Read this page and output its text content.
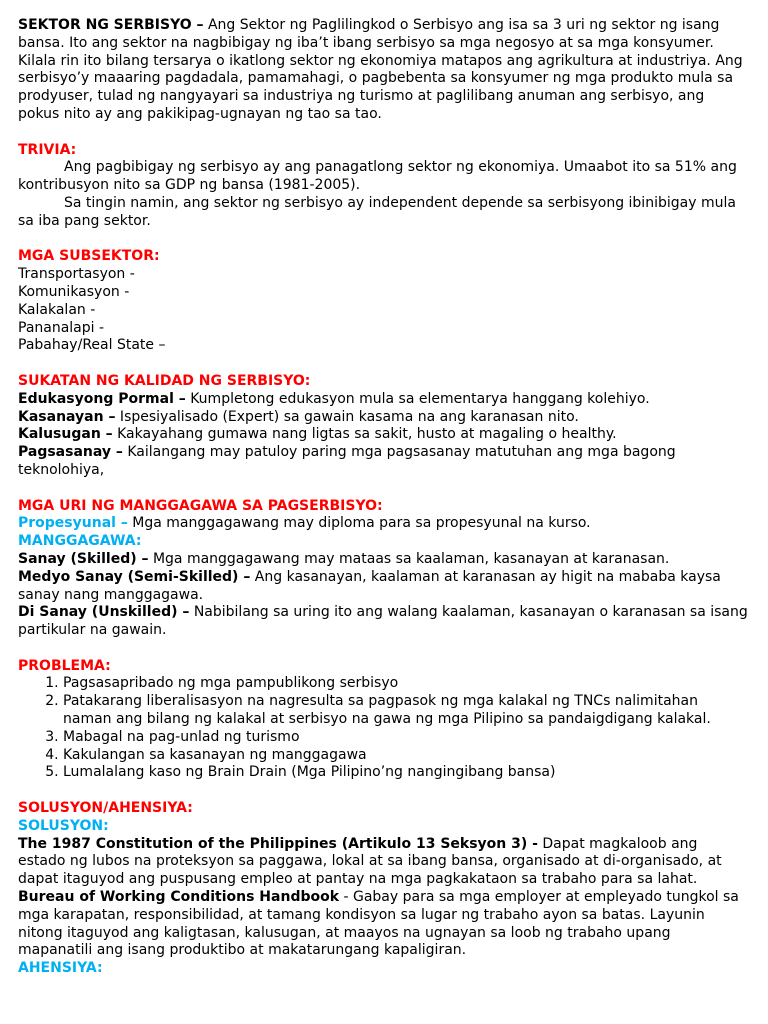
SEKTOR NG SERBISYO – Ang Sektor ng Paglilingkod o Serbisyo ang isa sa 3 uri ng sektor ng isang bansa. Ito ang sektor na nagbibigay ng iba’t ibang serbisyo sa mga negosyo at sa mga konsyumer. Kilala rin ito bilang tersarya o ikatlong sektor ng ekonomiya matapos ang agrikultura at industriya. Ang serbisyo’y maaaring pagdadala, pamamahagi, o pagbebenta sa konsyumer ng mga produkto mula sa prodyuser, tulad ng nangyayari sa industriya ng turismo at paglilibang anuman ang serbisyo, ang pokus nito ay ang pakikipag-ugnayan ng tao sa tao.

TRIVIA:

Ang pagbibigay ng serbisyo ay ang panagatlong sektor ng ekonomiya. Umaabot ito sa 51% ang kontribusyon nito sa GDP ng bansa (1981-2005).

Sa tingin namin, ang sektor ng serbisyo ay independent depende sa serbisyong ibinibigay mula sa iba pang sektor.

MGA SUBSEKTOR:

Transportasyon -

Komunikasyon -

Kalakalan -

Pananalapi -

Pabahay/Real State –

SUKATAN NG KALIDAD NG SERBISYO:

Edukasyong Pormal – Kumpletong edukasyon mula sa elementarya hanggang kolehiyo.

Kasanayan – Ispesiyalisado (Expert) sa gawain kasama na ang karanasan nito.

Kalusugan – Kakayahang gumawa nang ligtas sa sakit, husto at magaling o healthy.

Pagsasanay – Kailangang may patuloy paring mga pagsasanay matutuhan ang mga bagong teknolohiya,

MGA URI NG MANGGAGAWA SA PAGSERBISYO:

Propesyunal – Mga manggagawang may diploma para sa propesyunal na kurso.

MANGGAGAWA:

Sanay (Skilled) – Mga manggagawang may mataas sa kaalaman, kasanayan at karanasan.

Medyo Sanay (Semi-Skilled) – Ang kasanayan, kaalaman at karanasan ay higit na mababa kaysa sanay nang manggagawa.

Di Sanay (Unskilled) – Nabibilang sa uring ito ang walang kaalaman, kasanayan o karanasan sa isang partikular na gawain.

PROBLEMA:

1. Pagsasapribado ng mga pampublikong serbisyo
2. Patakarang liberalisasyon na nagresulta sa pagpasok ng mga kalakal ng TNCs nalimitahan naman ang bilang ng kalakal at serbisyo na gawa ng mga Pilipino sa pandaigdigang kalakal.
3. Mabagal na pag-unlad ng turismo
4. Kakulangan sa kasanayan ng manggagawa
5. Lumalalang kaso ng Brain Drain (Mga Pilipino’ng nangingibang bansa)

SOLUSYON/AHENSIYA:

SOLUSYON:

The 1987 Constitution of the Philippines (Artikulo 13 Seksyon 3) - Dapat magkaloob ang estado ng lubos na proteksyon sa paggawa, lokal at sa ibang bansa, organisado at di-organisado, at dapat itaguyod ang puspusang empleo at pantay na mga pagkakataon sa trabaho para sa lahat.

Bureau of Working Conditions Handbook - Gabay para sa mga employer at empleyado tungkol sa mga karapatan, responsibilidad, at tamang kondisyon sa lugar ng trabaho ayon sa batas. Layunin nitong itaguyod ang kaligtasan, kalusugan, at maayos na ugnayan sa loob ng trabaho upang mapanatili ang isang produktibo at makatarungang kapaligiran.

AHENSIYA:
